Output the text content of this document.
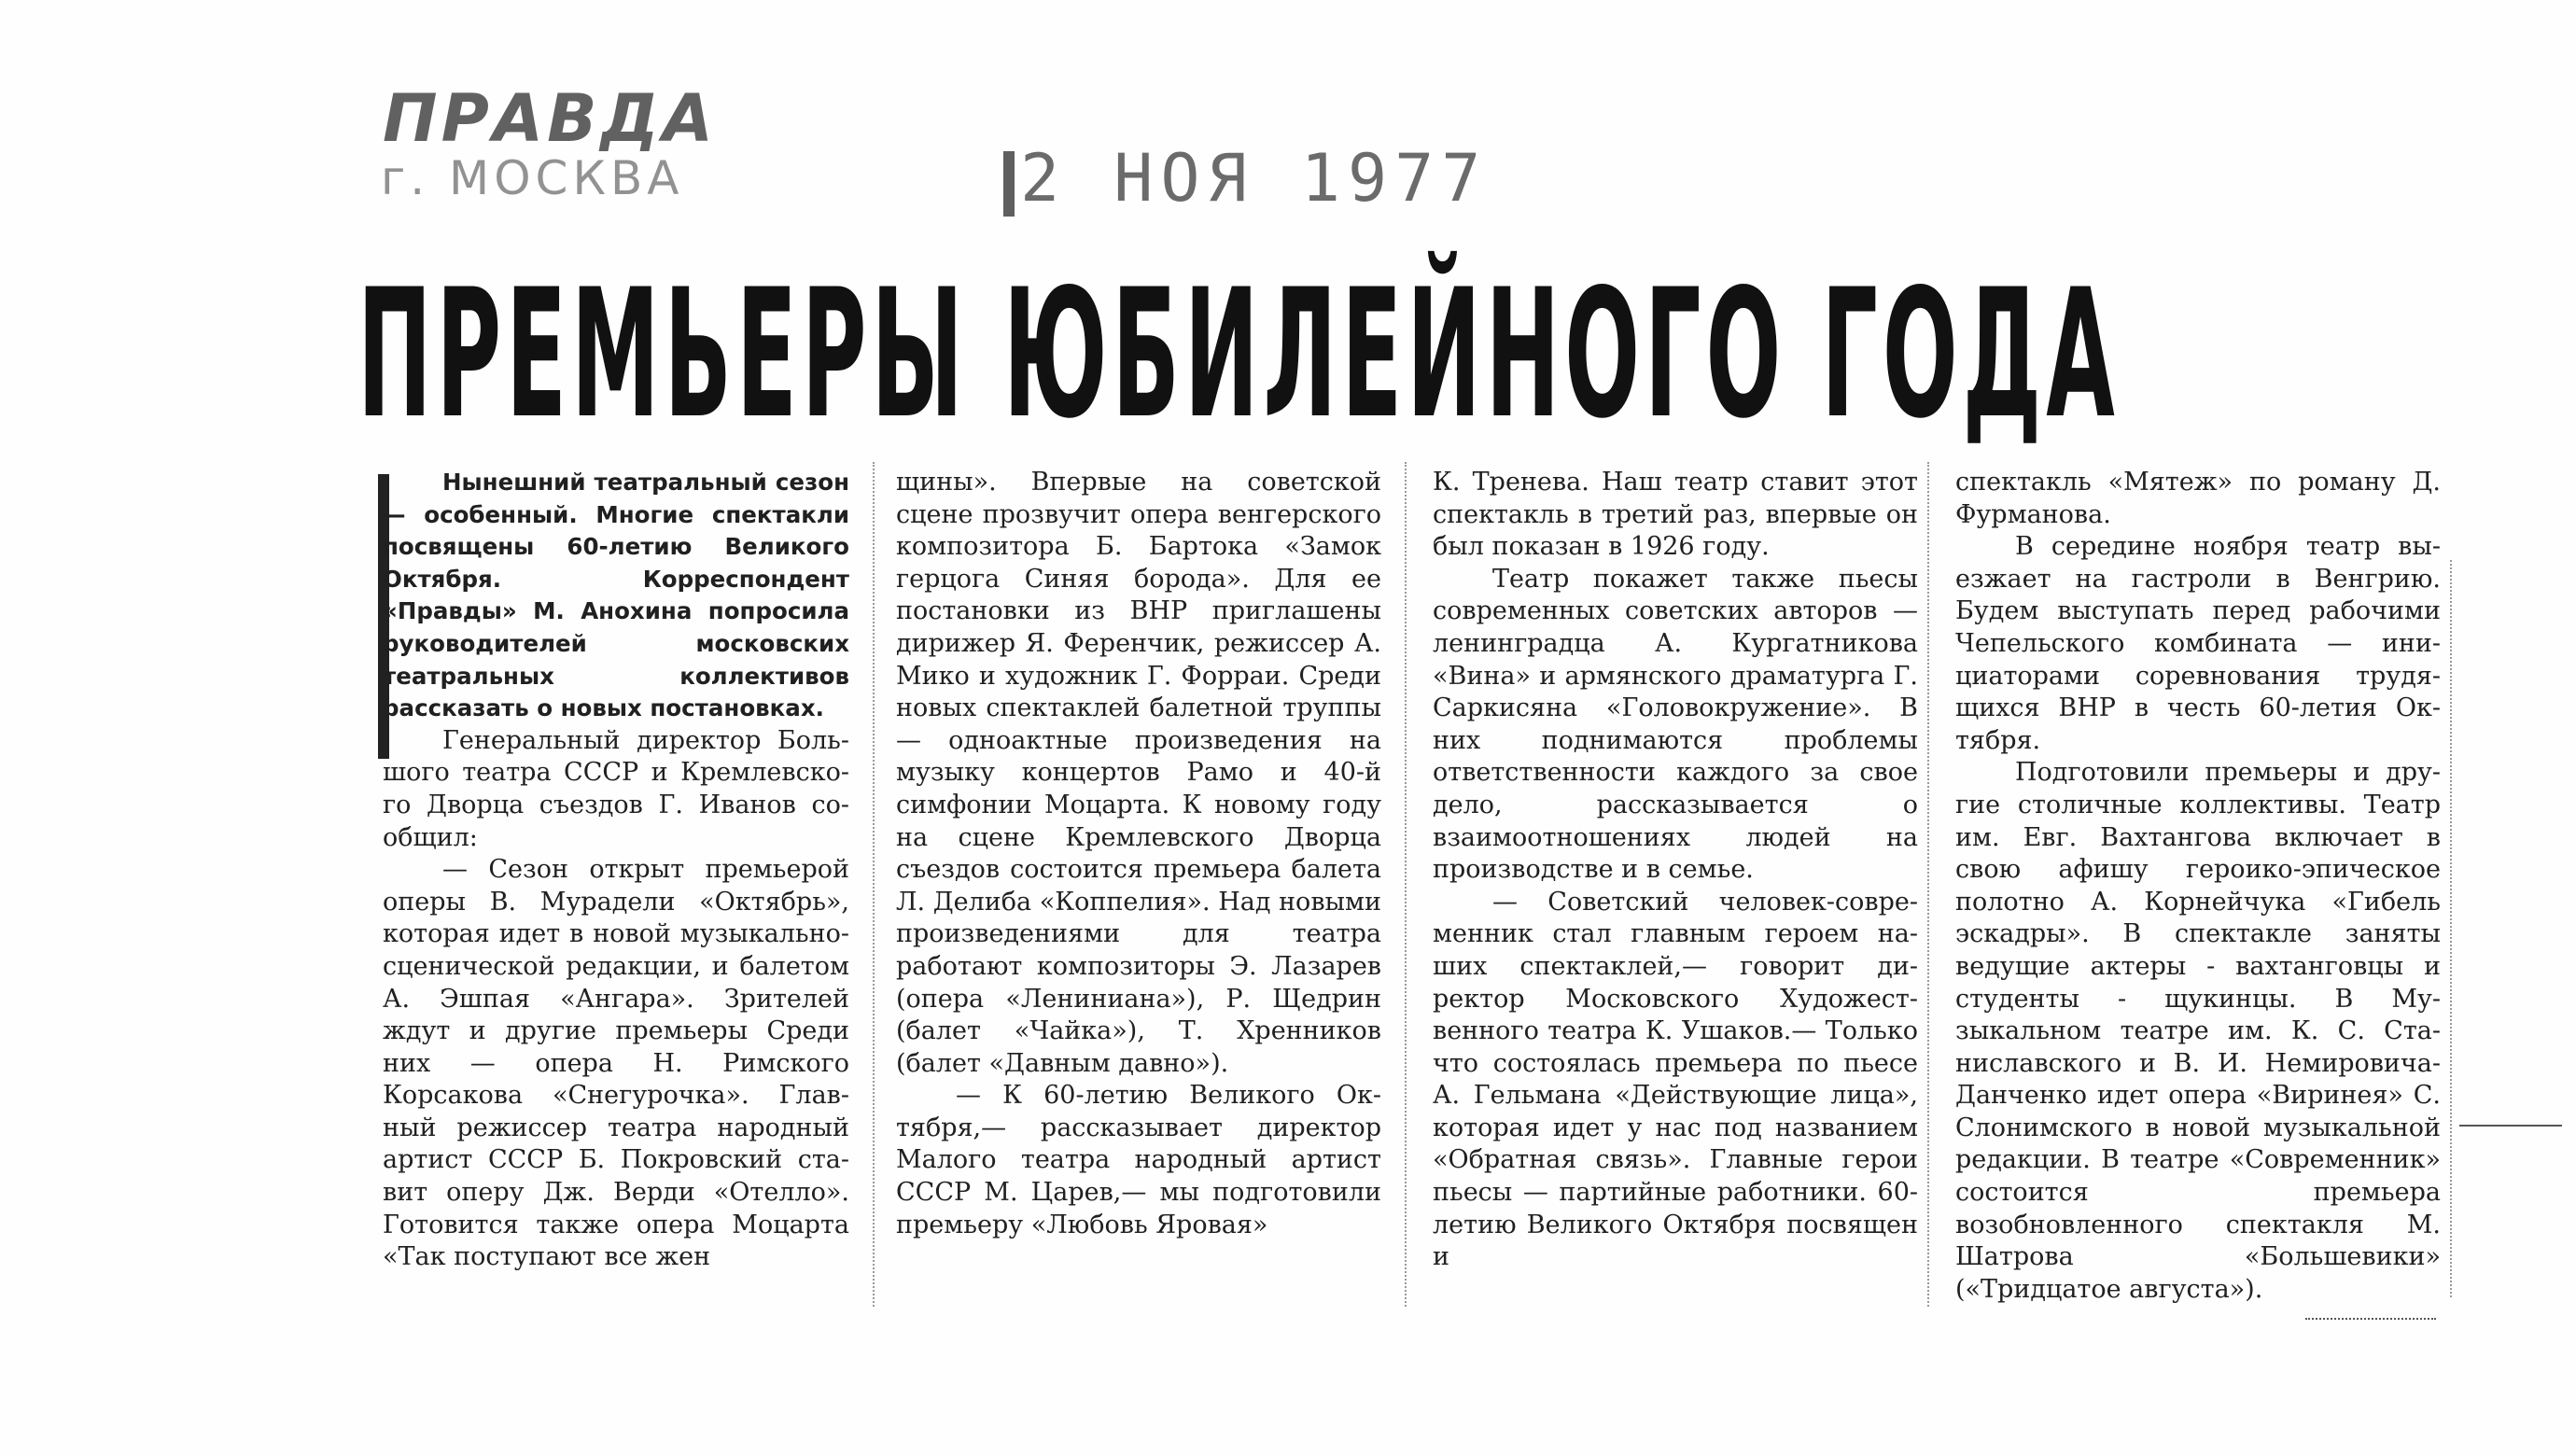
ПРАВДА
г. МОСКВА	2 НОЯ 1977
ПРЕМЬЕРЫ ЮБИЛЕЙНОГО ГОДА

Нынешний театральный сезон — особенный. Многие спектакли посвящены 60-летию Великого Октября. Корреспондент «Правды» М. Анохина попросила руководителей московских театральных коллективов рассказать о новых постановках.

Генеральный директор Большого театра СССР и Кремлевского Дворца съездов Г. Иванов сообщил:

— Сезон открыт премьерой оперы В. Мурадели «Октябрь», которая идет в новой музыкально-сценической редакции, и балетом А. Эшпая «Ангара». Зрителей ждут и другие премьеры Среди них — опера Н. Римского Корсакова «Снегурочка». Главный режиссер театра народный артист СССР Б. Покровский ставит оперу Дж. Верди «Отелло». Готовится также опера Моцарта «Так поступают все жен

щины». Впервые на советской сцене прозвучит опера венгерского композитора Б. Бартока «Замок герцога Синяя борода». Для ее постановки из ВНР приглашены дирижер Я. Ференчик, режиссер А. Мико и художник Г. Форраи. Среди новых спектаклей балетной труппы — одноактные произведения на музыку концертов Рамо и 40-й симфонии Моцарта. К новому году на сцене Кремлевского Дворца съездов состоится премьера балета Л. Делиба «Коппелия». Над новыми произведениями для театра работают композиторы Э. Лазарев (опера «Лениниана»), Р. Щедрин (балет «Чайка»), Т. Хренников (балет «Давным давно»).

— К 60-летию Великого Октября,— рассказывает директор Малого театра народный артист СССР М. Царев,— мы подготовили премьеру «Любовь Яровая»

К. Тренева. Наш театр ставит этот спектакль в третий раз, впервые он был показан в 1926 году.

Театр покажет также пьесы современных советских авторов — ленинградца А. Кургатникова «Вина» и армянского драматурга Г. Саркисяна «Головокружение». В них поднимаются проблемы ответственности каждого за свое дело, рассказывается о взаимоотношениях людей на производстве и в семье.

— Советский человек-современник стал главным героем наших спектаклей,— говорит директор Московского Художественного театра К. Ушаков.— Только что состоялась премьера по пьесе А. Гельмана «Действующие лица», которая идет у нас под названием «Обратная связь». Главные герои пьесы — партийные работники. 60-летию Великого Октября посвящен и

спектакль «Мятеж» по роману Д. Фурманова.

В середине ноября театр выезжает на гастроли в Венгрию. Будем выступать перед рабочими Чепельского комбината — инициаторами соревнования трудящихся ВНР в честь 60-летия Октября.

Подготовили премьеры и другие столичные коллективы. Театр им. Евг. Вахтангова включает в свою афишу героико-эпическое полотно А. Корнейчука «Гибель эскадры». В спектакле заняты ведущие актеры - вахтанговцы и студенты - щукинцы. В Музыкальном театре им. К. С. Станиславского и В. И. Немировича-Данченко идет опера «Виринея» С. Слонимского в новой музыкальной редакции. В театре «Современник» состоится премьера возобновленного спектакля М. Шатрова «Большевики» («Тридцатое августа»).
